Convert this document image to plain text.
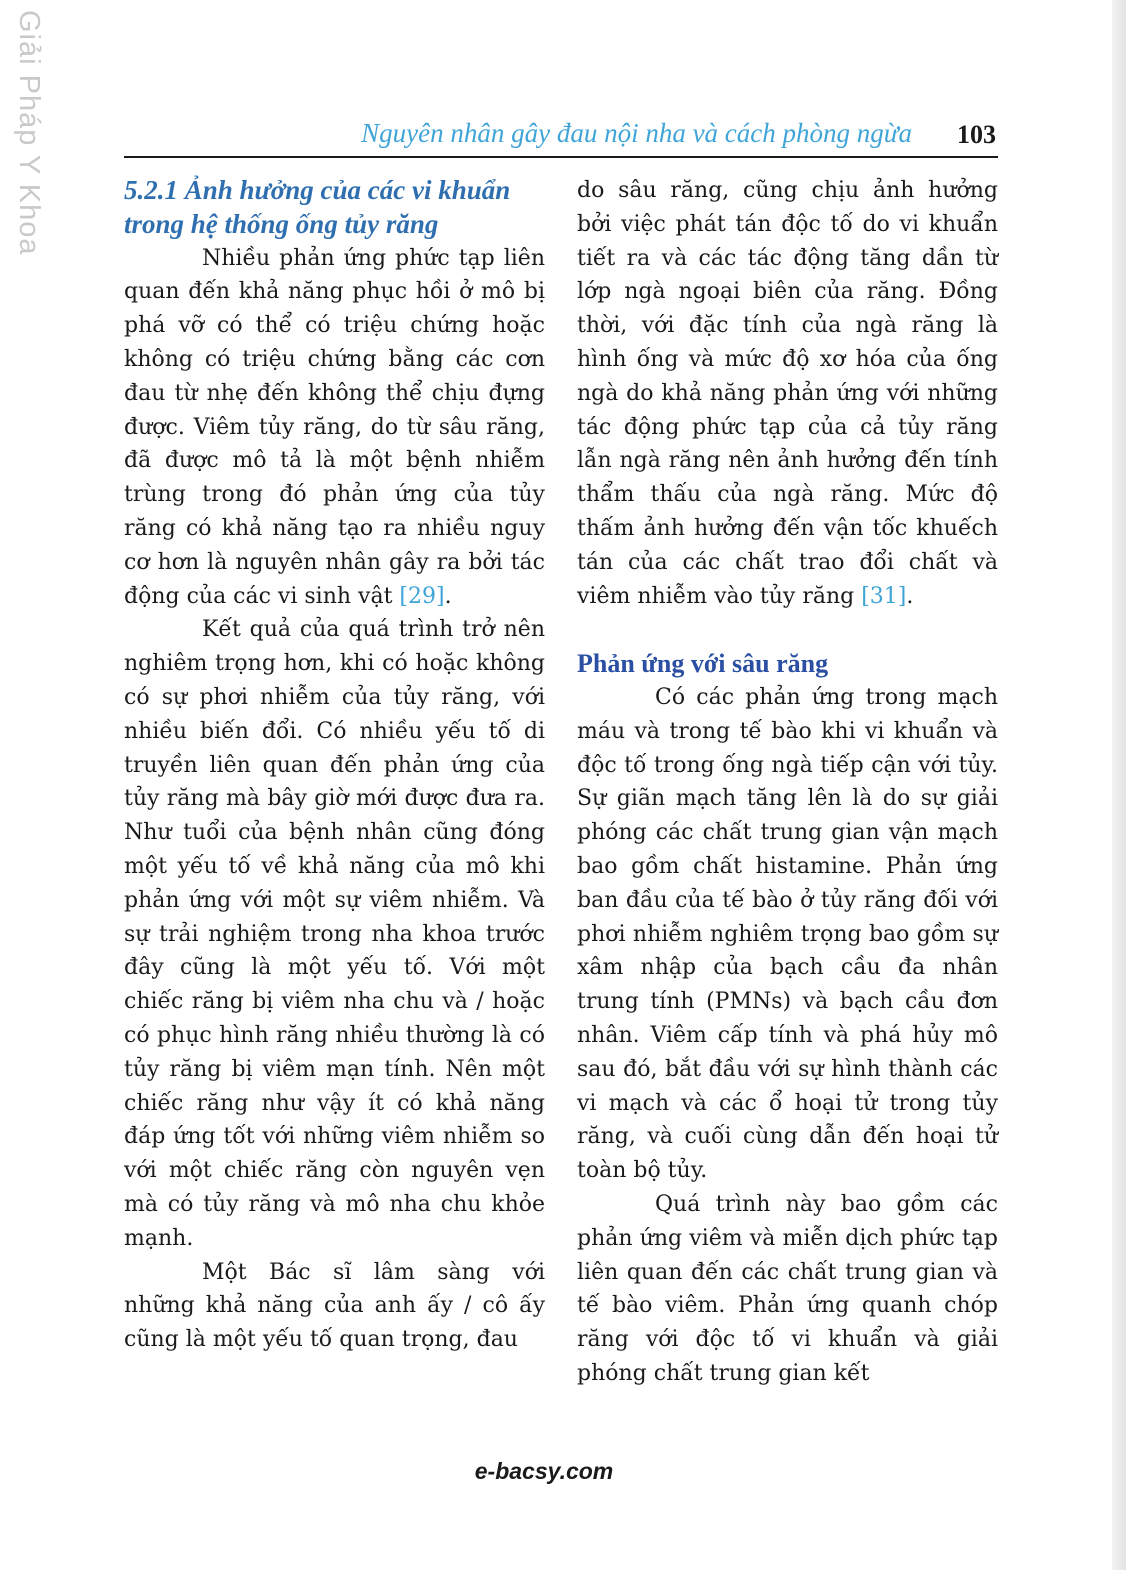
Giải Pháp Y Khoa	Nguyên nhân gây đau nội nha và cách phòng ngừa 103
5.2.1 Ảnh hưởng của các vi khuẩn trong hệ thống ống tủy răng

Nhiều phản ứng phức tạp liên quan đến khả năng phục hồi ở mô bị phá vỡ có thể có triệu chứng hoặc không có triệu chứng bằng các cơn đau từ nhẹ đến không thể chịu đựng được. Viêm tủy răng, do từ sâu răng, đã được mô tả là một bệnh nhiễm trùng trong đó phản ứng của tủy răng có khả năng tạo ra nhiều nguy cơ hơn là nguyên nhân gây ra bởi tác động của các vi sinh vật [29].

Kết quả của quá trình trở nên nghiêm trọng hơn, khi có hoặc không có sự phơi nhiễm của tủy răng, với nhiều biến đổi. Có nhiều yếu tố di truyền liên quan đến phản ứng của tủy răng mà bây giờ mới được đưa ra. Như tuổi của bệnh nhân cũng đóng một yếu tố về khả năng của mô khi phản ứng với một sự viêm nhiễm. Và sự trải nghiệm trong nha khoa trước đây cũng là một yếu tố. Với một chiếc răng bị viêm nha chu và / hoặc có phục hình răng nhiều thường là có tủy răng bị viêm mạn tính. Nên một chiếc răng như vậy ít có khả năng đáp ứng tốt với những viêm nhiễm so với một chiếc răng còn nguyên vẹn mà có tủy răng và mô nha chu khỏe mạnh.

Một Bác sĩ lâm sàng với những khả năng của anh ấy / cô ấy cũng là một yếu tố quan trọng, đau

do sâu răng, cũng chịu ảnh hưởng bởi việc phát tán độc tố do vi khuẩn tiết ra và các tác động tăng dần từ lớp ngà ngoại biên của răng. Đồng thời, với đặc tính của ngà răng là hình ống và mức độ xơ hóa của ống ngà do khả năng phản ứng với những tác động phức tạp của cả tủy răng lẫn ngà răng nên ảnh hưởng đến tính thẩm thấu của ngà răng. Mức độ thấm ảnh hưởng đến vận tốc khuếch tán của các chất trao đổi chất và viêm nhiễm vào tủy răng [31].

Phản ứng với sâu răng

Có các phản ứng trong mạch máu và trong tế bào khi vi khuẩn và độc tố trong ống ngà tiếp cận với tủy. Sự giãn mạch tăng lên là do sự giải phóng các chất trung gian vận mạch bao gồm chất histamine. Phản ứng ban đầu của tế bào ở tủy răng đối với phơi nhiễm nghiêm trọng bao gồm sự xâm nhập của bạch cầu đa nhân trung tính (PMNs) và bạch cầu đơn nhân. Viêm cấp tính và phá hủy mô sau đó, bắt đầu với sự hình thành các vi mạch và các ổ hoại tử trong tủy răng, và cuối cùng dẫn đến hoại tử toàn bộ tủy.

Quá trình này bao gồm các phản ứng viêm và miễn dịch phức tạp liên quan đến các chất trung gian và tế bào viêm. Phản ứng quanh chóp răng với độc tố vi khuẩn và giải phóng chất trung gian kết

e-bacsy.com
